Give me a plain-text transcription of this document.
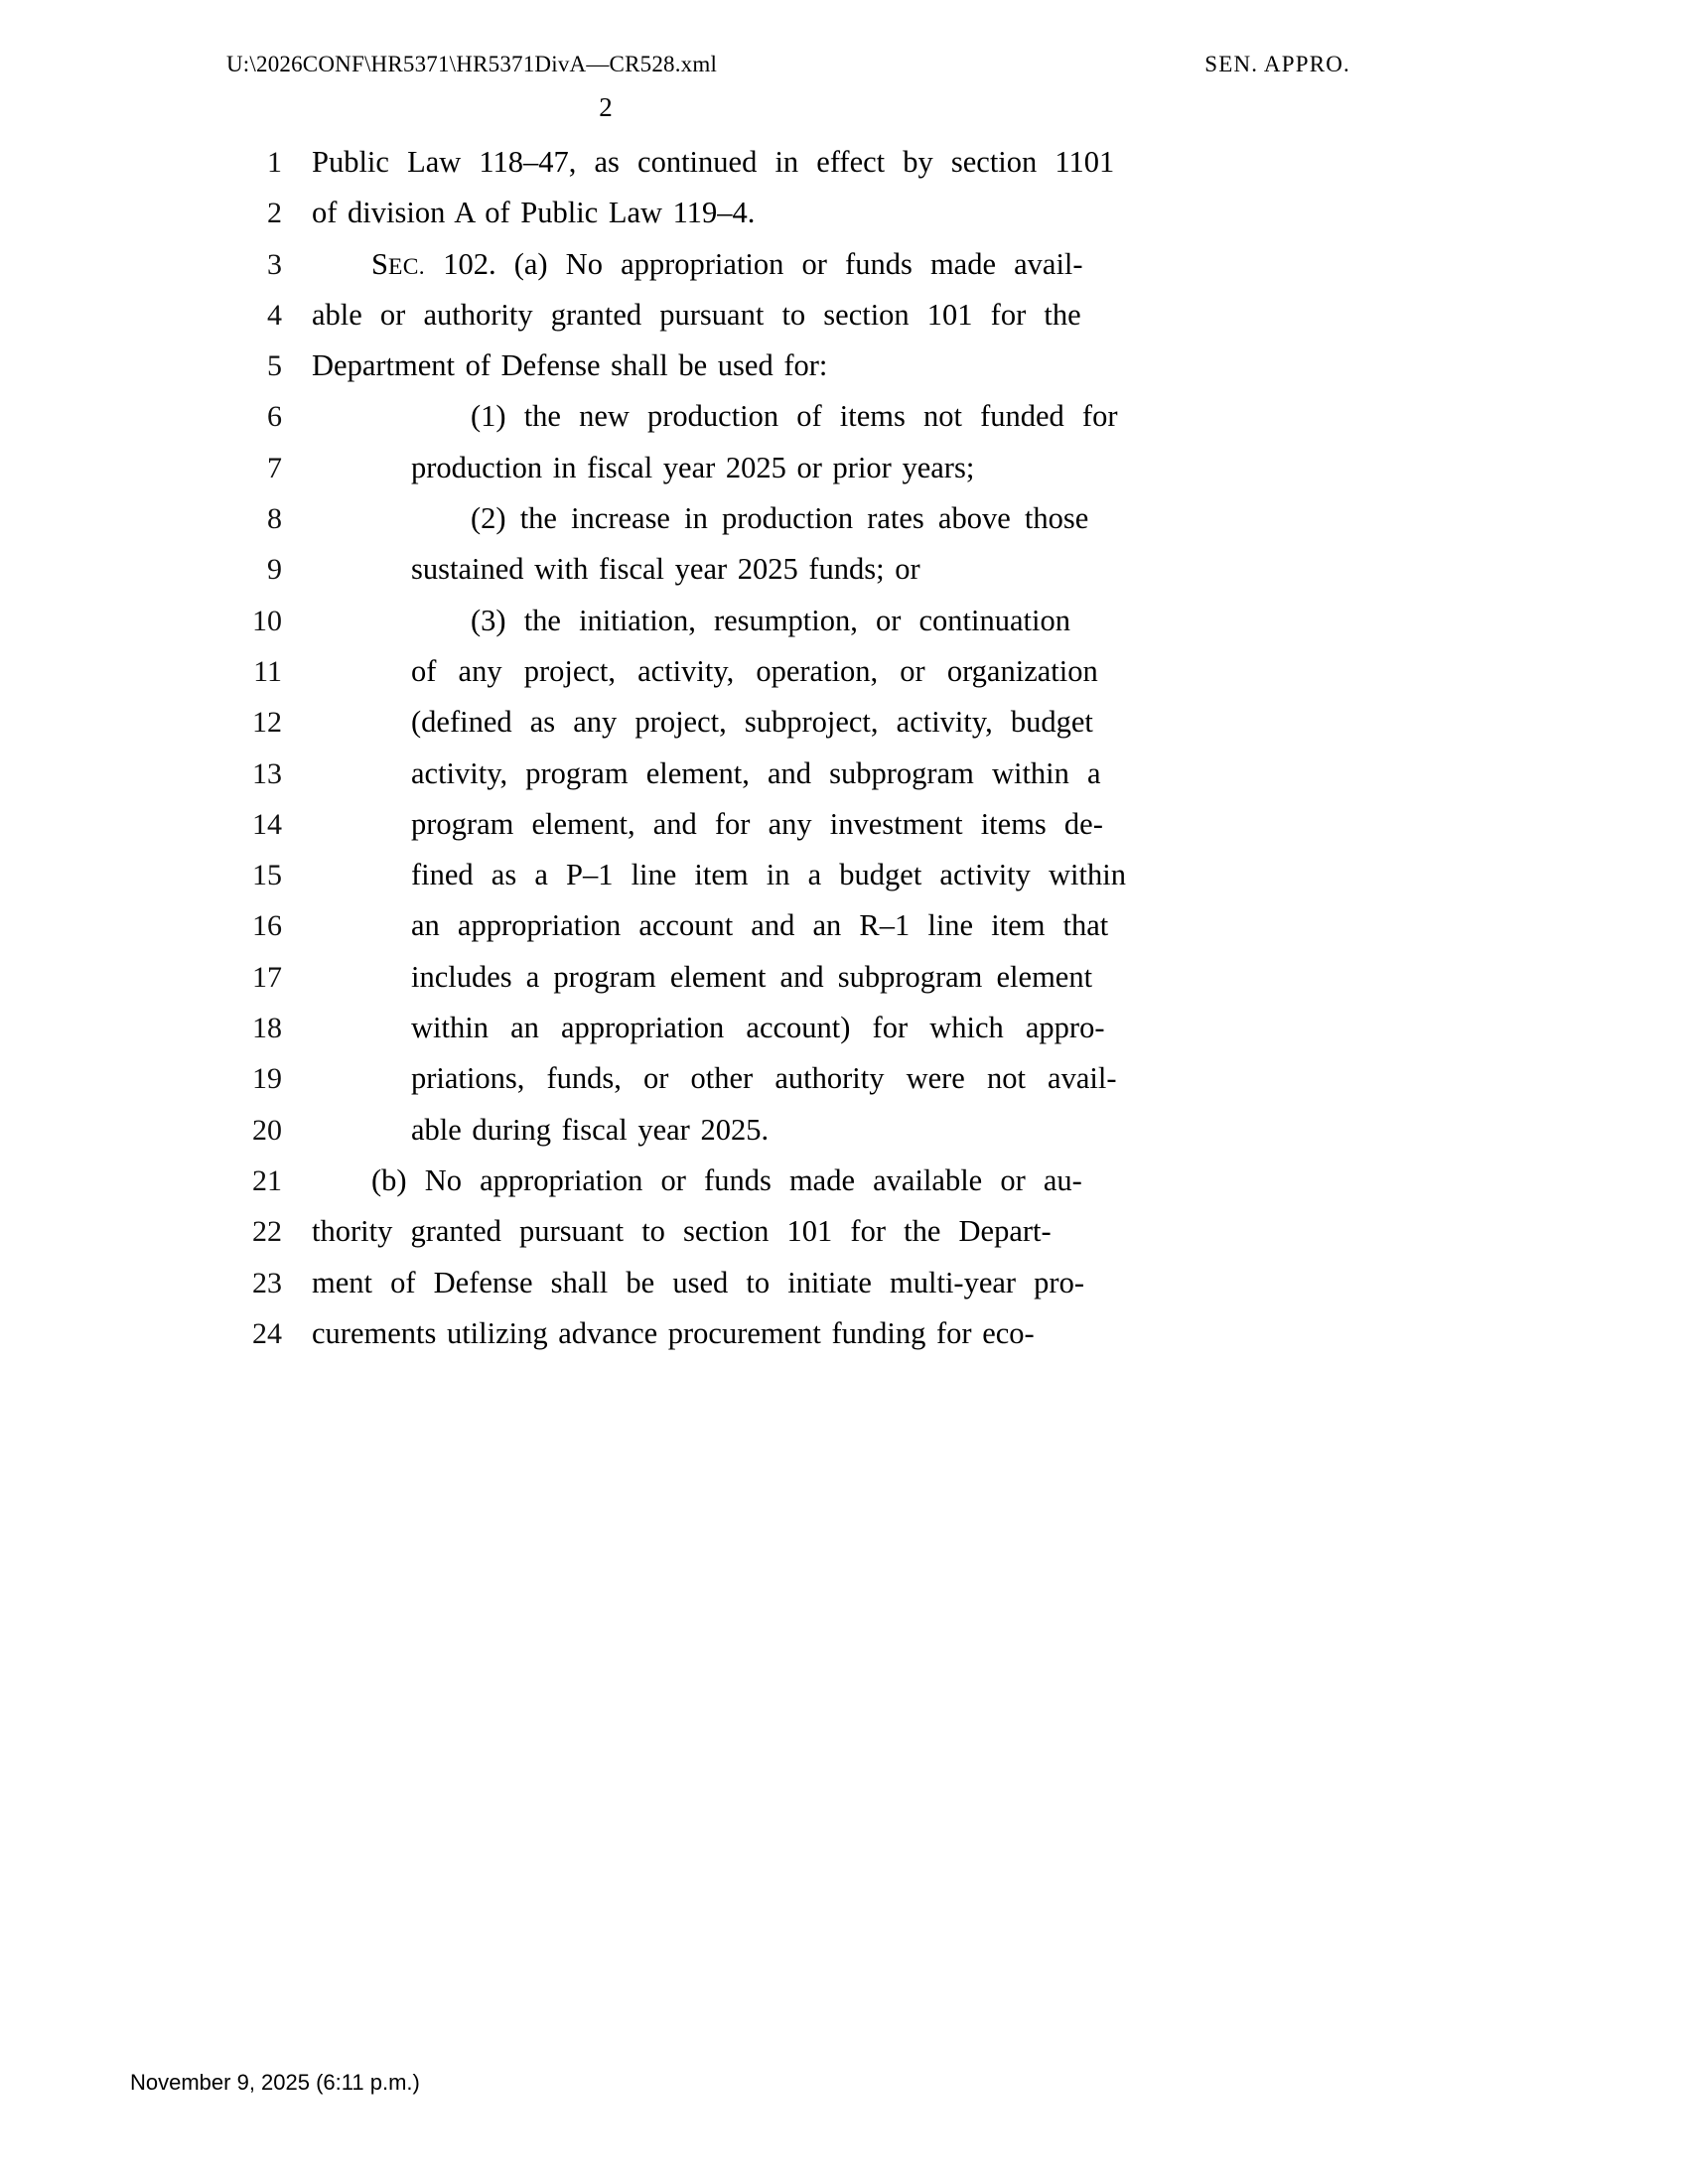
U:\2026CONF\HR5371\HR5371DivA—CR528.xml	SEN. APPRO.
2
1 Public Law 118–47, as continued in effect by section 1101
2 of division A of Public Law 119–4.
3	SEC. 102. (a) No appropriation or funds made avail-
4 able or authority granted pursuant to section 101 for the
5 Department of Defense shall be used for:
6	(1) the new production of items not funded for
7	production in fiscal year 2025 or prior years;
8	(2) the increase in production rates above those
9	sustained with fiscal year 2025 funds; or
10	(3) the initiation, resumption, or continuation
11	of any project, activity, operation, or organization
12	(defined as any project, subproject, activity, budget
13	activity, program element, and subprogram within a
14	program element, and for any investment items de-
15	fined as a P–1 line item in a budget activity within
16	an appropriation account and an R–1 line item that
17	includes a program element and subprogram element
18	within an appropriation account) for which appro-
19	priations, funds, or other authority were not avail-
20	able during fiscal year 2025.
21	(b) No appropriation or funds made available or au-
22 thority granted pursuant to section 101 for the Depart-
23 ment of Defense shall be used to initiate multi-year pro-
24 curements utilizing advance procurement funding for eco-
November 9, 2025 (6:11 p.m.)
